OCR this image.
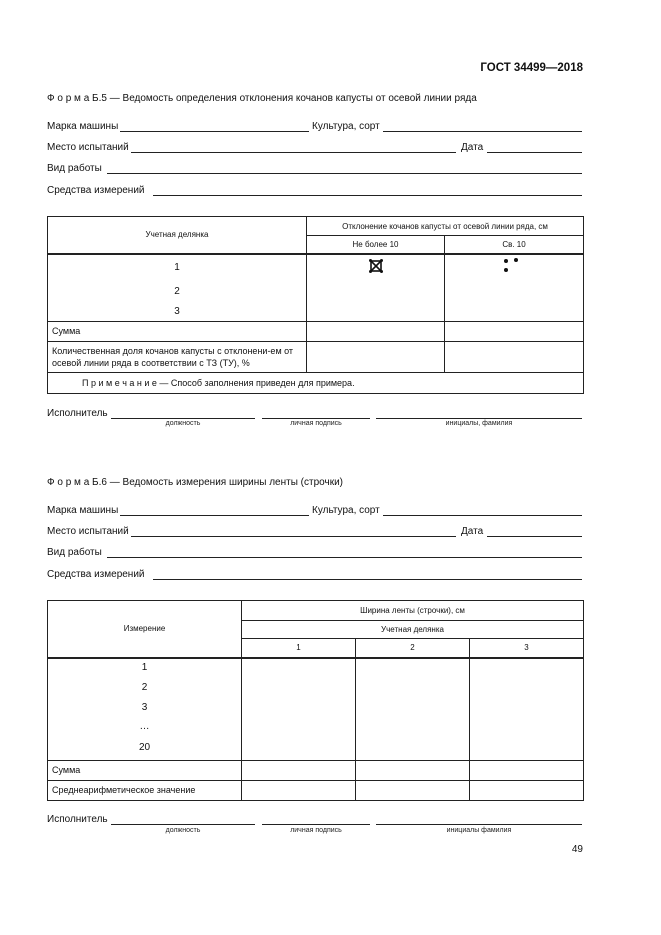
ГОСТ 34499—2018
Ф о р м а Б.5 — Ведомость определения отклонения кочанов капусты от осевой линии ряда
Марка машины	Культура, сорт
Место испытаний	Дата
Вид работы
Средства измерений
Учетная делянка	Отклонение кочанов капусты от осевой линии ряда, см	
	Не более 10	Св. 10

1
2
3

Сумма		
Количественная доля кочанов капусты с отклонени-ем от осевой линии ряда в соответствии с ТЗ (ТУ), %		
П р и м е ч а н и е — Способ заполнения приведен для примера.		
Исполнитель
должность	личная подпись	инициалы, фамилия
Ф о р м а Б.6 — Ведомость измерения ширины ленты (строчки)
Марка машины	Культура, сорт
Место испытаний	Дата
Вид работы
Средства измерений
Измерение	Ширина ленты (строчки), см		
	Учетная делянка		
	1	2	3

1
2
3
…
20			

Сумма			
Среднеарифметическое значение			
Исполнитель
должность	личная подпись	инициалы фамилия
49
